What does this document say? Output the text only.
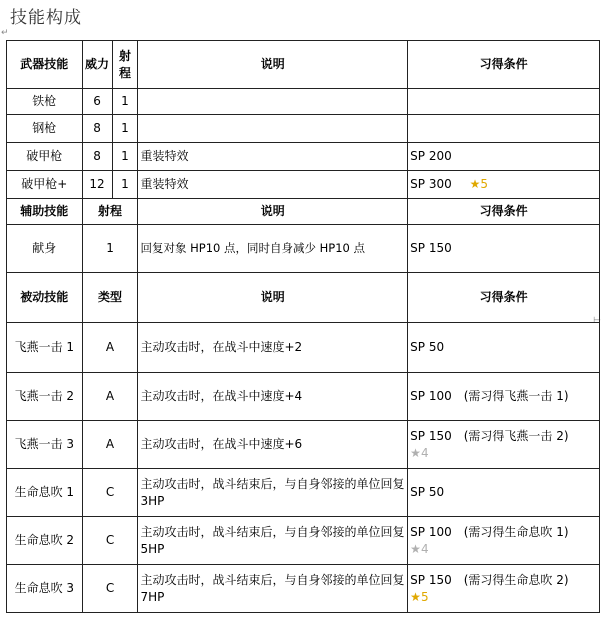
技能构成
↵
⊢
武器技能	威力	射程	说明	习得条件
铁枪	6	1		
钢枪	8	1		
破甲枪	8	1	重装特效	SP 200
破甲枪+	12	1	重装特效	SP 300 ★5
辅助技能	射程		说明	习得条件
献身	1		回复对象 HP10 点，同时自身减少 HP10 点	SP 150
被动技能	类型		说明	习得条件
飞燕一击 1	A		主动攻击时，在战斗中速度+2	SP 50
飞燕一击 2	A		主动攻击时，在战斗中速度+4	SP 100 (需习得飞燕一击 1)
飞燕一击 3	A		主动攻击时，在战斗中速度+6	SP 150 (需习得飞燕一击 2)
★4
生命息吹 1	C		主动攻击时，战斗结束后，与自身邻接的单位回复 3HP	SP 50
生命息吹 2	C		主动攻击时，战斗结束后，与自身邻接的单位回复 5HP	SP 100 (需习得生命息吹 1)
★4
生命息吹 3	C		主动攻击时，战斗结束后，与自身邻接的单位回复 7HP	SP 150 (需习得生命息吹 2)
★5
